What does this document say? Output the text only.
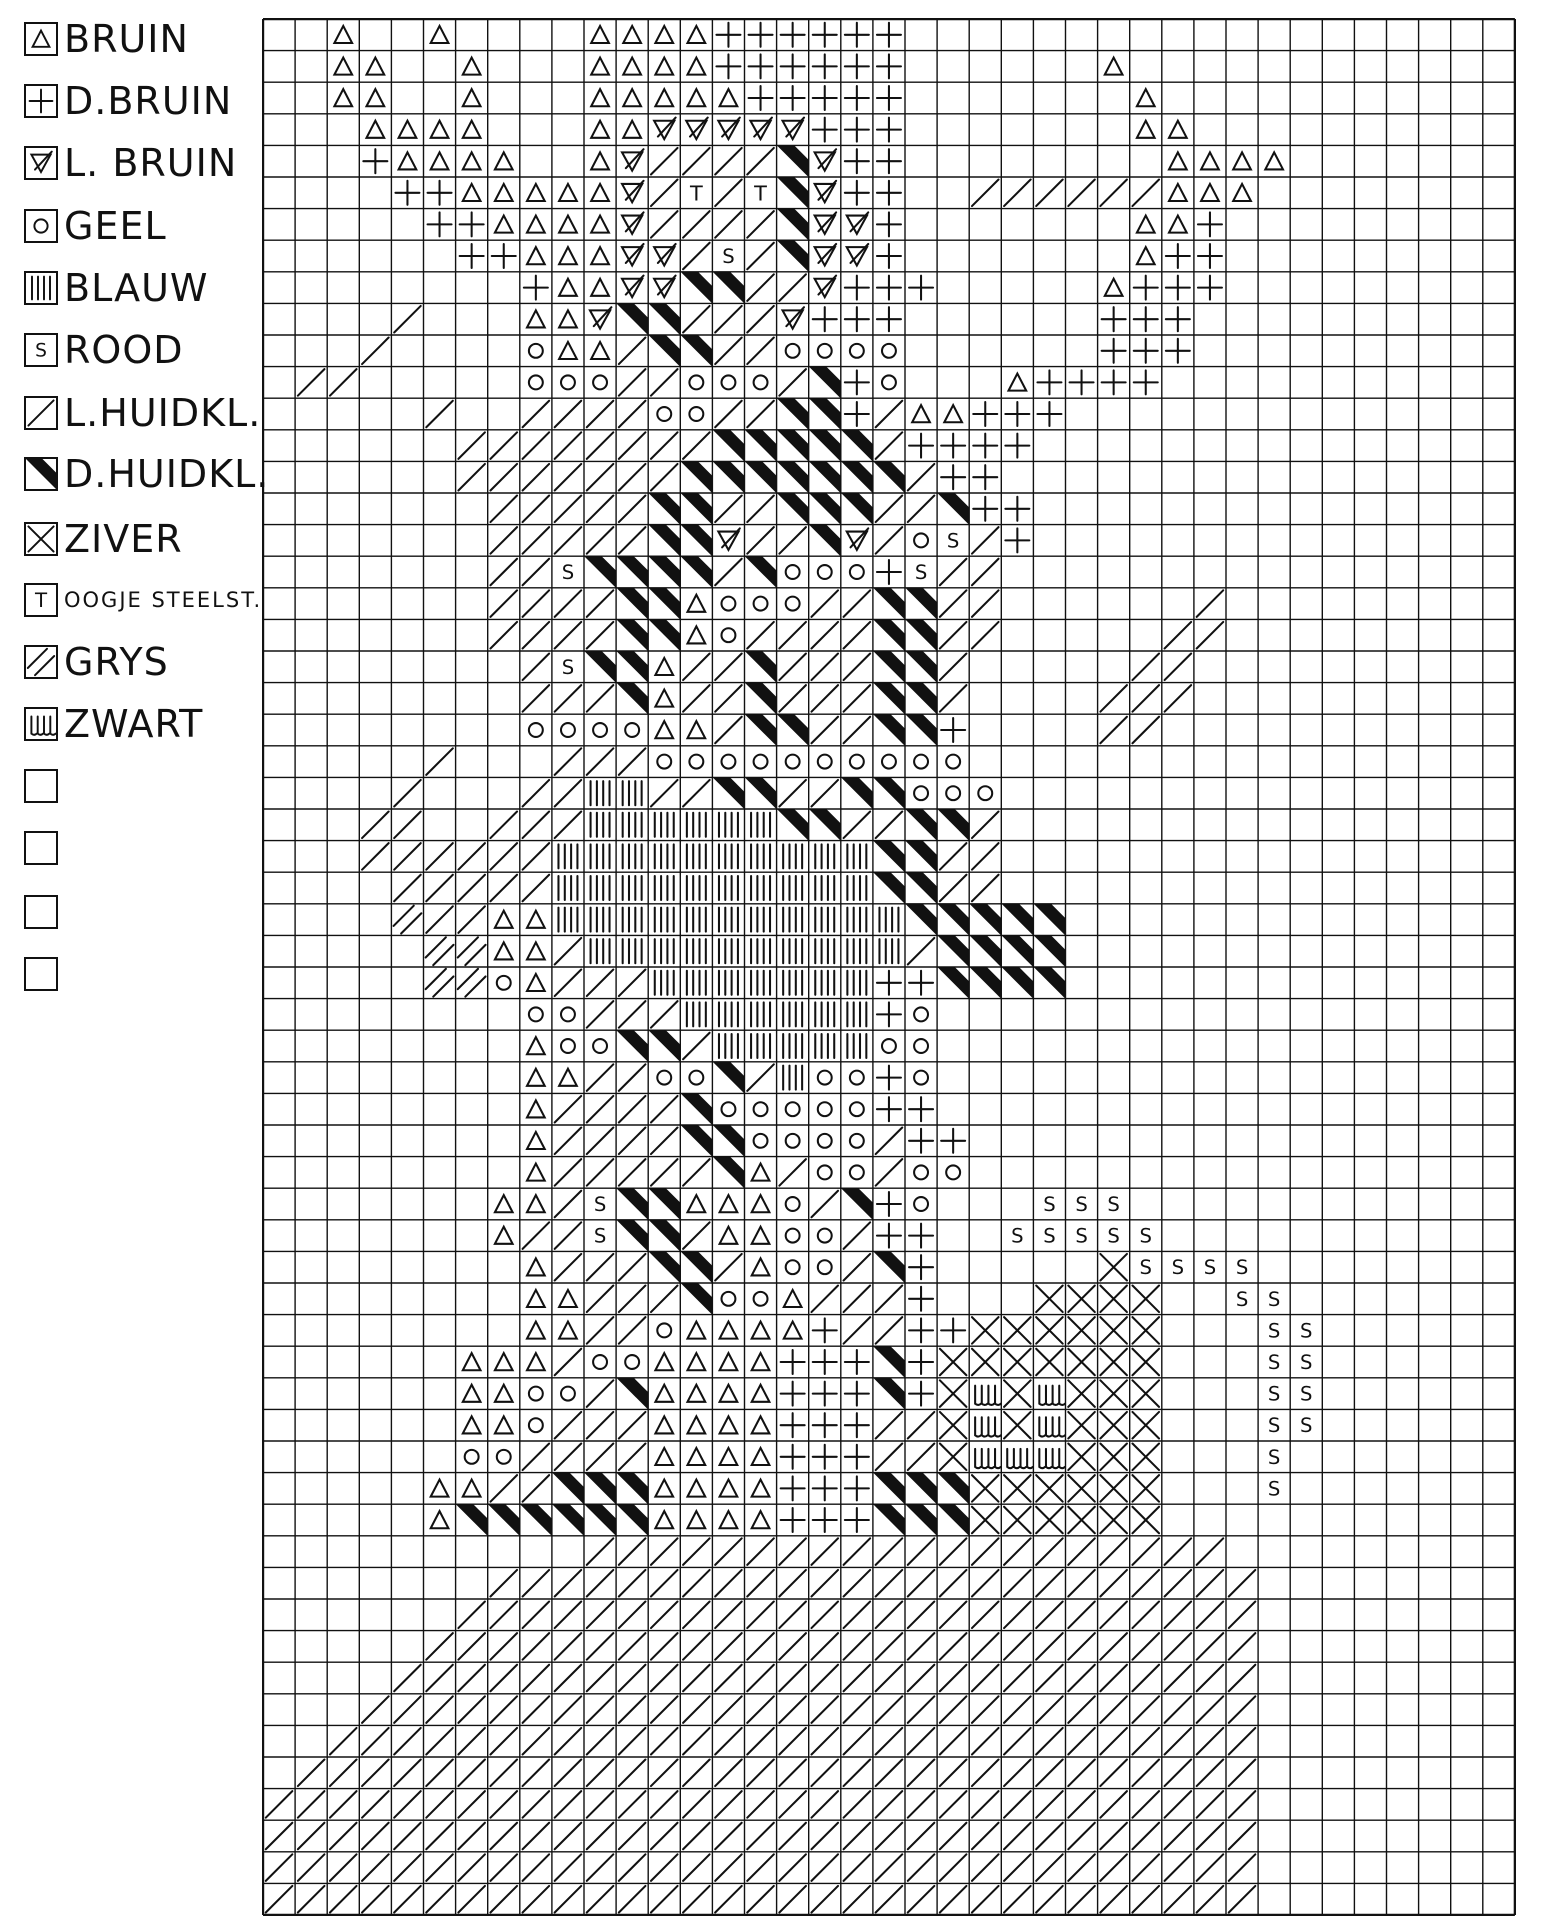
BRUIN
D.BRUIN
L. BRUIN
GEEL
BLAUW
S ROOD
L.HUIDKL.
D.HUIDKL.
ZIVER
T OOGJE STEELST.
GRYS
ZWART
T T
S
S
S	S
S
S	S S S
S	S S S S S
S S S S
S S
S S
S S
S S
S S
S
S
